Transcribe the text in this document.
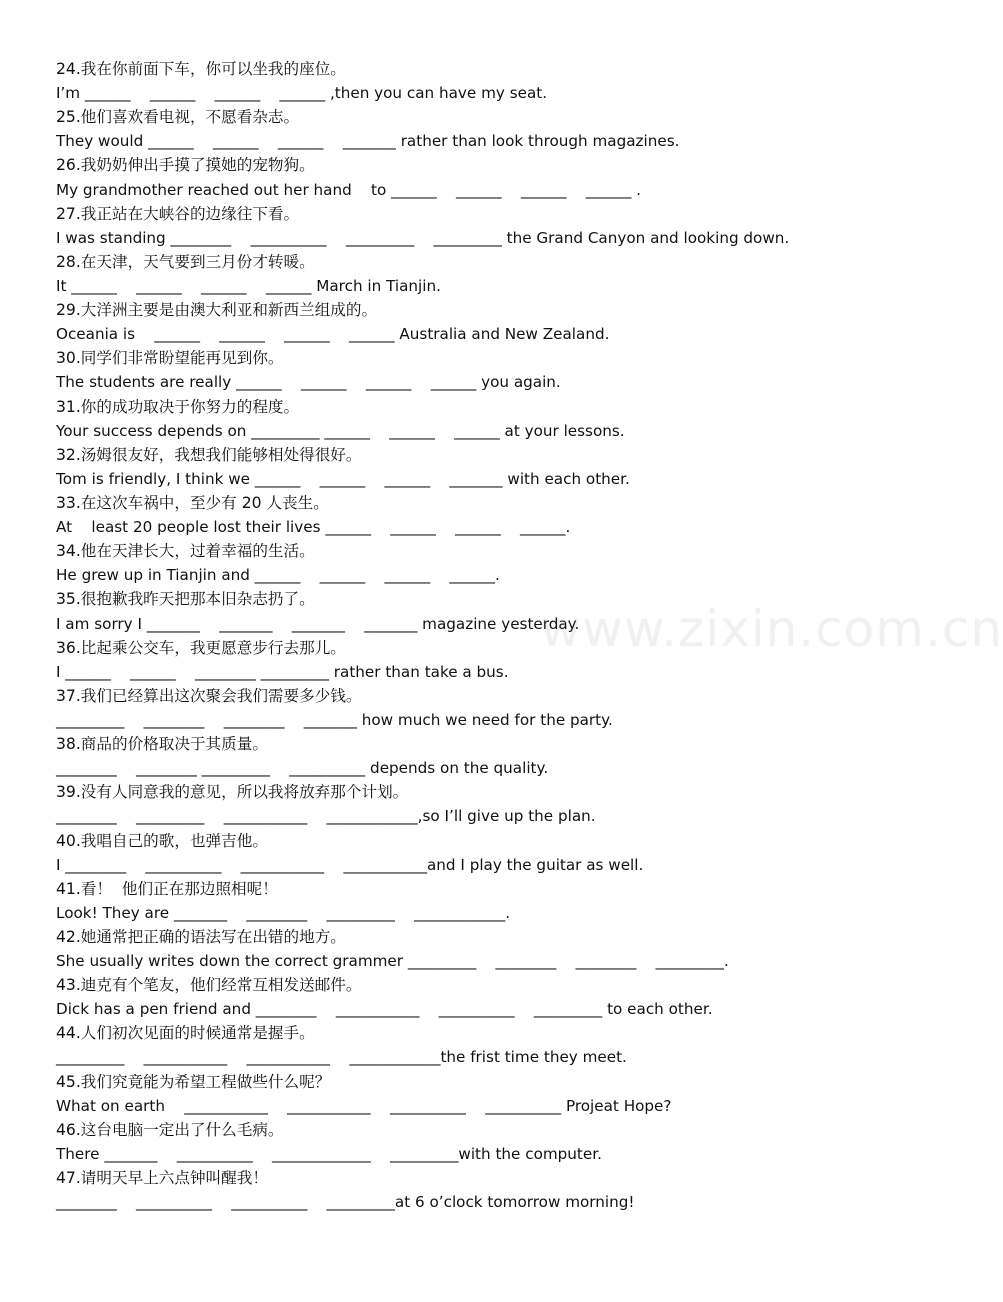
24.我在你前面下车，你可以坐我的座位。
I’m ______    ______    ______    ______ ,then you can have my seat.
25.他们喜欢看电视，不愿看杂志。
They would ______    ______    ______    _______ rather than look through magazines.
26.我奶奶伸出手摸了摸她的宠物狗。
My grandmother reached out her hand    to ______    ______    ______    ______ .
27.我正站在大峡谷的边缘往下看。
I was standing ________    __________    _________    _________ the Grand Canyon and looking down.
28.在天津，天气要到三月份才转暖。
It ______    ______    ______    ______ March in Tianjin.
29.大洋洲主要是由澳大利亚和新西兰组成的。
Oceania is    ______    ______    ______    ______ Australia and New Zealand.
30.同学们非常盼望能再见到你。
The students are really ______    ______    ______    ______ you again.
31.你的成功取决于你努力的程度。
Your success depends on _________ ______    ______    ______ at your lessons.
32.汤姆很友好，我想我们能够相处得很好。
Tom is friendly, I think we ______    ______    ______    _______ with each other.
33.在这次车祸中，至少有 20 人丧生。
At    least 20 people lost their lives ______    ______    ______    ______.
34.他在天津长大，过着幸福的生活。
He grew up in Tianjin and ______    ______    ______    ______.
35.很抱歉我昨天把那本旧杂志扔了。
I am sorry I _______    _______    _______    _______ magazine yesterday.
36.比起乘公交车，我更愿意步行去那儿。
I ______    ______    ________ _________ rather than take a bus.
37.我们已经算出这次聚会我们需要多少钱。
_________    ________    ________    _______ how much we need for the party.
38.商品的价格取决于其质量。
________    ________ _________    __________ depends on the quality.
39.没有人同意我的意见，所以我将放弃那个计划。
________    _________    ___________    ____________,so I’ll give up the plan.
40.我唱自己的歌，也弹吉他。
I ________    __________    ___________    ___________and I play the guitar as well.
41.看！  他们正在那边照相呢！
Look! They are _______    ________    _________    ____________.
42.她通常把正确的语法写在出错的地方。
She usually writes down the correct grammer _________    ________    ________    _________.
43.迪克有个笔友，他们经常互相发送邮件。
Dick has a pen friend and ________    ___________    __________    _________ to each other.
44.人们初次见面的时候通常是握手。
_________    ___________    ___________    ____________the frist time they meet.
45.我们究竟能为希望工程做些什么呢？
What on earth    ___________    ___________    __________    __________ Projeat Hope?
46.这台电脑一定出了什么毛病。
There _______    __________    _____________    _________with the computer.
47.请明天早上六点钟叫醒我！
________    __________    __________    _________at 6 o’clock tomorrow morning!
www.zixin.com.cn
